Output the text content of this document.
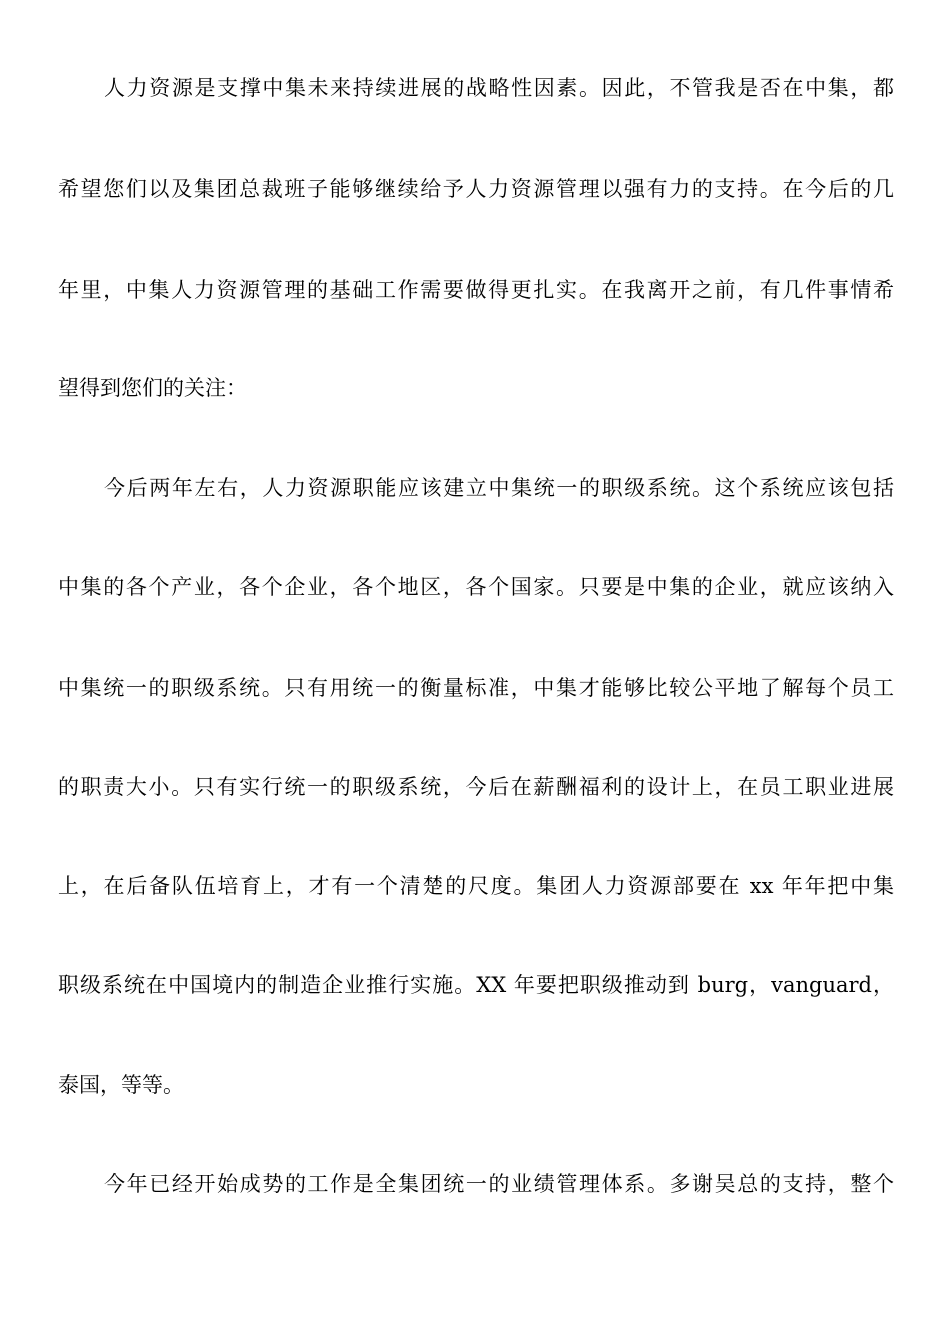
人力资源是支撑中集未来持续进展的战略性因素。因此，不管我是否在中集，都
希望您们以及集团总裁班子能够继续给予人力资源管理以强有力的支持。在今后的几
年里，中集人力资源管理的基础工作需要做得更扎实。在我离开之前，有几件事情希
望得到您们的关注：
今后两年左右，人力资源职能应该建立中集统一的职级系统。这个系统应该包括
中集的各个产业，各个企业，各个地区，各个国家。只要是中集的企业，就应该纳入
中集统一的职级系统。只有用统一的衡量标准，中集才能够比较公平地了解每个员工
的职责大小。只有实行统一的职级系统，今后在薪酬福利的设计上，在员工职业进展
上，在后备队伍培育上，才有一个清楚的尺度。集团人力资源部要在 xx 年年把中集
职级系统在中国境内的制造企业推行实施。XX 年要把职级推动到 burg，vanguard，
泰国，等等。
今年已经开始成势的工作是全集团统一的业绩管理体系。多谢吴总的支持，整个
